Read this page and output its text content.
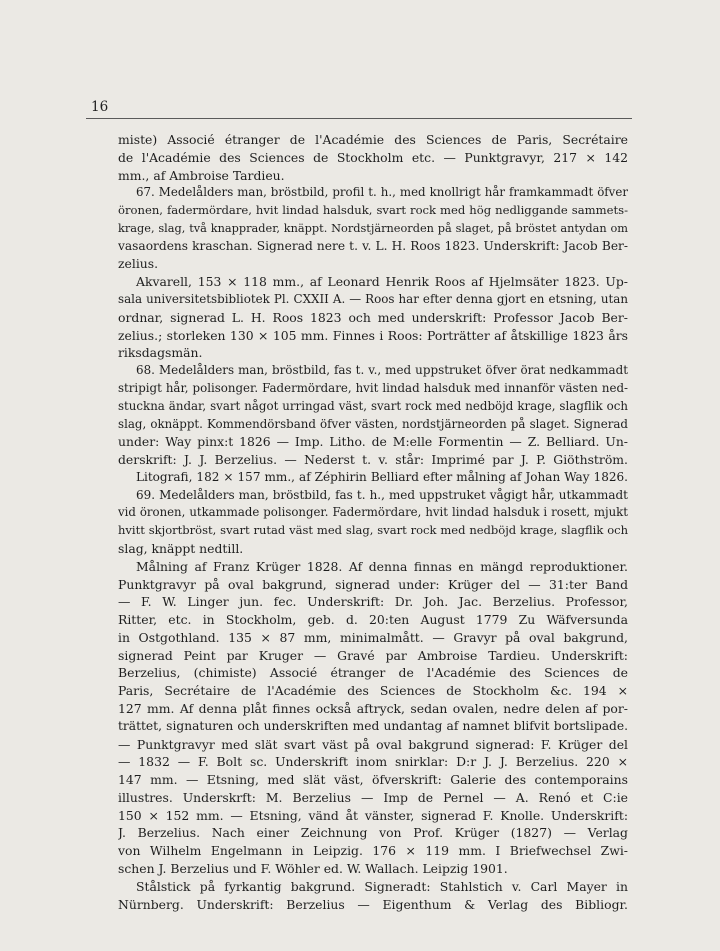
16
miste) Associé étranger de l'Académie des Sciences de Paris, Secrétaire
de l'Académie des Sciences de Stockholm etc. — Punktgravyr, 217 × 142
mm., af Ambroise Tardieu.
67. Medelålders man, bröstbild, profil t. h., med knollrigt hår framkammadt öfver
öronen, fadermördare, hvit lindad halsduk, svart rock med hög nedliggande sammets-
krage, slag, två knapprader, knäppt. Nordstjärneorden på slaget, på bröstet antydan om
vasaordens kraschan. Signerad nere t. v. L. H. Roos 1823. Underskrift: Jacob Ber-
zelius.
Akvarell, 153 × 118 mm., af Leonard Henrik Roos af Hjelmsäter 1823. Up-
sala universitetsbibliotek Pl. CXXII A. — Roos har efter denna gjort en etsning, utan
ordnar, signerad L. H. Roos 1823 och med underskrift: Professor Jacob Ber-
zelius.; storleken 130 × 105 mm. Finnes i Roos: Porträtter af åtskillige 1823 års
riksdagsmän.
68. Medelålders man, bröstbild, fas t. v., med uppstruket öfver örat nedkammadt
stripigt hår, polisonger. Fadermördare, hvit lindad halsduk med innanför västen ned-
stuckna ändar, svart något urringad väst, svart rock med nedböjd krage, slagflik och
slag, oknäppt. Kommendörsband öfver västen, nordstjärneorden på slaget. Signerad
under: Way pinx:t 1826 — Imp. Litho. de M:elle Formentin — Z. Belliard. Un-
derskrift: J. J. Berzelius. — Nederst t. v. står: Imprimé par J. P. Giöthström.
Litografi, 182 × 157 mm., af Zéphirin Belliard efter målning af Johan Way 1826.
69. Medelålders man, bröstbild, fas t. h., med uppstruket vågigt hår, utkammadt
vid öronen, utkammade polisonger. Fadermördare, hvit lindad halsduk i rosett, mjukt
hvitt skjortbröst, svart rutad väst med slag, svart rock med nedböjd krage, slagflik och
slag, knäppt nedtill.
Målning af Franz Krüger 1828. Af denna finnas en mängd reproduktioner.
Punktgravyr på oval bakgrund, signerad under: Krüger del — 31:ter Band
— F. W. Linger jun. fec. Underskrift: Dr. Joh. Jac. Berzelius. Professor,
Ritter, etc. in Stockholm, geb. d. 20:ten August 1779 Zu Wäfversunda
in Ostgothland. 135 × 87 mm, minimalmått. — Gravyr på oval bakgrund,
signerad Peint par Kruger — Gravé par Ambroise Tardieu. Underskrift:
Berzelius, (chimiste) Associé étranger de l'Académie des Sciences de
Paris, Secrétaire de l'Académie des Sciences de Stockholm &c. 194 ×
127 mm. Af denna plåt finnes också aftryck, sedan ovalen, nedre delen af por-
trättet, signaturen och underskriften med undantag af namnet blifvit bortslipade.
— Punktgravyr med slät svart väst på oval bakgrund signerad: F. Krüger del
— 1832 — F. Bolt sc. Underskrift inom snirklar: D:r J. J. Berzelius. 220 ×
147 mm. — Etsning, med slät väst, öfverskrift: Galerie des contemporains
illustres. Underskrft: M. Berzelius — Imp de Pernel — A. Renó et C:ie
150 × 152 mm. — Etsning, vänd åt vänster, signerad F. Knolle. Underskrift:
J. Berzelius. Nach einer Zeichnung von Prof. Krüger (1827) — Verlag
von Wilhelm Engelmann in Leipzig. 176 × 119 mm. I Briefwechsel Zwi-
schen J. Berzelius und F. Wöhler ed. W. Wallach. Leipzig 1901.
Stålstick på fyrkantig bakgrund. Signeradt: Stahlstich v. Carl Mayer in
Nürnberg. Underskrift: Berzelius — Eigenthum & Verlag des Bibliogr.
